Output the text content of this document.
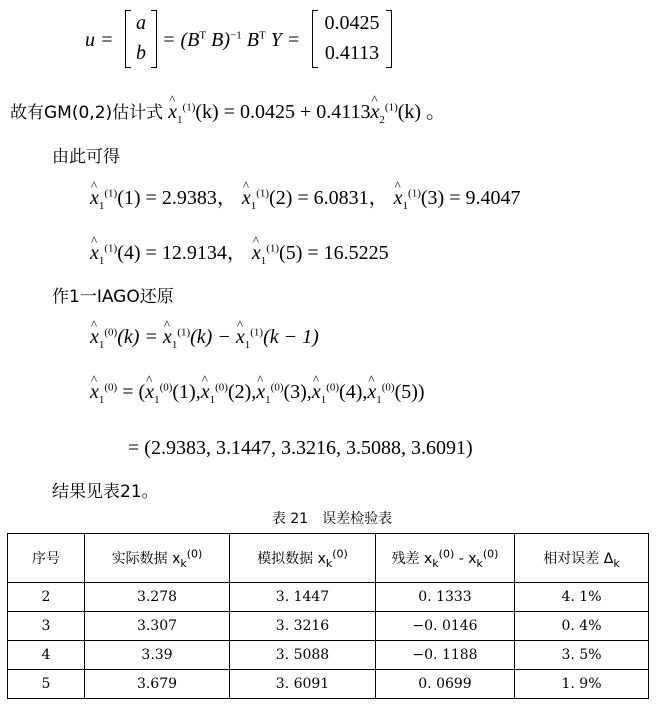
u =
a
b
= ($B^T$ B)$^{-1}$ $B^T$ Y =
0.0425
0.4113
故有GM(0,2)估计式 ^ $x_1^{(1)}(k) = 0.0425$ + 0.4113^ $x_2^{(1)}(k)$ 。
由此可得
^ $x_1^{(1)}(1) = 2.9383$， ^ $x_1^{(1)}(2) = 6.0831$， ^ $x_1^{(1)}(3) = 9.4047$
^ $x_1^{(1)}(4) = 12.9134$， ^ $x_1^{(1)}(5) = 16.5225$
作1一IAGO还原
^ $x_1^{(0)}(k)$ = ^ $x_1^{(1)}(k)$ − ^ $x_1^{(1)}(k - 1)$
^ $x_1^{(0)}$ = (^ $x_1^{(0)}(1),\^{}$ $x_1^{(0)}(2),\^{}$ $x_1^{(0)}(3),\^{}$ $x_1^{(0)}(4),\^{}$ $x_1^{(0)}(5)$)
= (2.9383, 3.1447, 3.3216, 3.5088, 3.6091)
结果见表21。
表 21　误差检验表
序号	实际数据 $x_k^{(0)}$	模拟数据 $x_k^{(0)}$	残差 $x_k^{(0)} - x_k^{(0)}$	相对误差 $\Delta_k$
2	3.278	3. 1447	0. 1333	4. 1%
3	3.307	3. 3216	−0. 0146	0. 4%
4	3.39	3. 5088	−0. 1188	3. 5%
5	3.679	3. 6091	0. 0699	1. 9%
